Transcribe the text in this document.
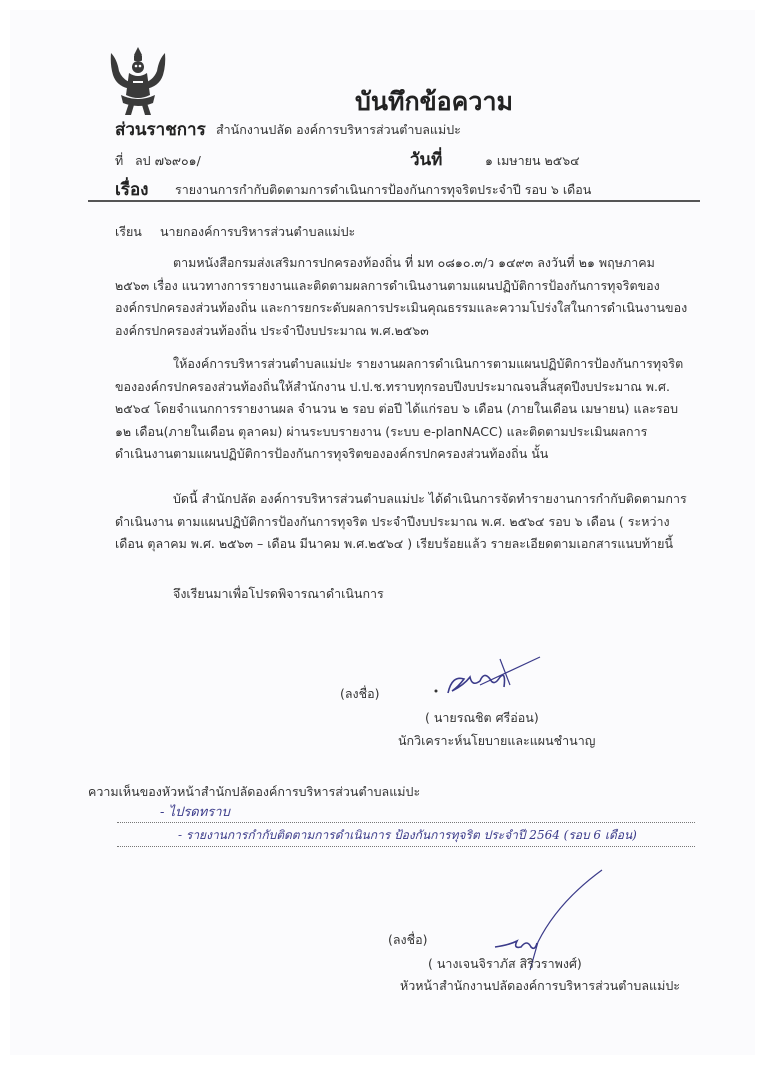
บันทึกข้อความ
ส่วนราชการ สำนักงานปลัด องค์การบริหารส่วนตำบลแม่ปะ
ที่ ลป ๗๖๙๐๑/	วันที่	๑ เมษายน ๒๕๖๔
เรื่อง รายงานการกำกับติดตามการดำเนินการป้องกันการทุจริตประจำปี รอบ ๖ เดือน
เรียน นายกองค์การบริหารส่วนตำบลแม่ปะ
ตามหนังสือกรมส่งเสริมการปกครองท้องถิ่น ที่ มท ๐๘๑๐.๓/ว ๑๔๙๓ ลงวันที่ ๒๑ พฤษภาคม
๒๕๖๓ เรื่อง แนวทางการรายงานและติดตามผลการดำเนินงานตามแผนปฏิบัติการป้องกันการทุจริตของ
องค์กรปกครองส่วนท้องถิ่น และการยกระดับผลการประเมินคุณธรรมและความโปร่งใสในการดำเนินงานของ
องค์กรปกครองส่วนท้องถิ่น ประจำปีงบประมาณ พ.ศ.๒๕๖๓
ให้องค์การบริหารส่วนตำบลแม่ปะ รายงานผลการดำเนินการตามแผนปฏิบัติการป้องกันการทุจริต
ขององค์กรปกครองส่วนท้องถิ่นให้สำนักงาน ป.ป.ช.ทราบทุกรอบปีงบประมาณจนสิ้นสุดปีงบประมาณ พ.ศ.
๒๕๖๔ โดยจำแนกการรายงานผล จำนวน ๒ รอบ ต่อปี ได้แก่รอบ ๖ เดือน (ภายในเดือน เมษายน) และรอบ
๑๒ เดือน(ภายในเดือน ตุลาคม) ผ่านระบบรายงาน (ระบบ e-planNACC) และติดตามประเมินผลการ
ดำเนินงานตามแผนปฏิบัติการป้องกันการทุจริตขององค์กรปกครองส่วนท้องถิ่น นั้น
บัดนี้ สำนักปลัด องค์การบริหารส่วนตำบลแม่ปะ ได้ดำเนินการจัดทำรายงานการกำกับติดตามการ
ดำเนินงาน ตามแผนปฏิบัติการป้องกันการทุจริต ประจำปีงบประมาณ พ.ศ. ๒๕๖๔ รอบ ๖ เดือน ( ระหว่าง
เดือน ตุลาคม พ.ศ. ๒๕๖๓ – เดือน มีนาคม พ.ศ.๒๕๖๔ ) เรียบร้อยแล้ว รายละเอียดตามเอกสารแนบท้ายนี้
จึงเรียนมาเพื่อโปรดพิจารณาดำเนินการ
(ลงชื่อ)
( นายรณชิต ศรีอ่อน)
นักวิเคราะห์นโยบายและแผนชำนาญ
ความเห็นของหัวหน้าสำนักปลัดองค์การบริหารส่วนตำบลแม่ปะ
- ไปรดทราบ
- รายงานการกำกับติดตามการดำเนินการ ป้องกันการทุจริต ประจำปี 2564 (รอบ 6 เดือน)
(ลงชื่อ)
( นางเจนจิราภัส สิริวราพงศ์)
หัวหน้าสำนักงานปลัดองค์การบริหารส่วนตำบลแม่ปะ
